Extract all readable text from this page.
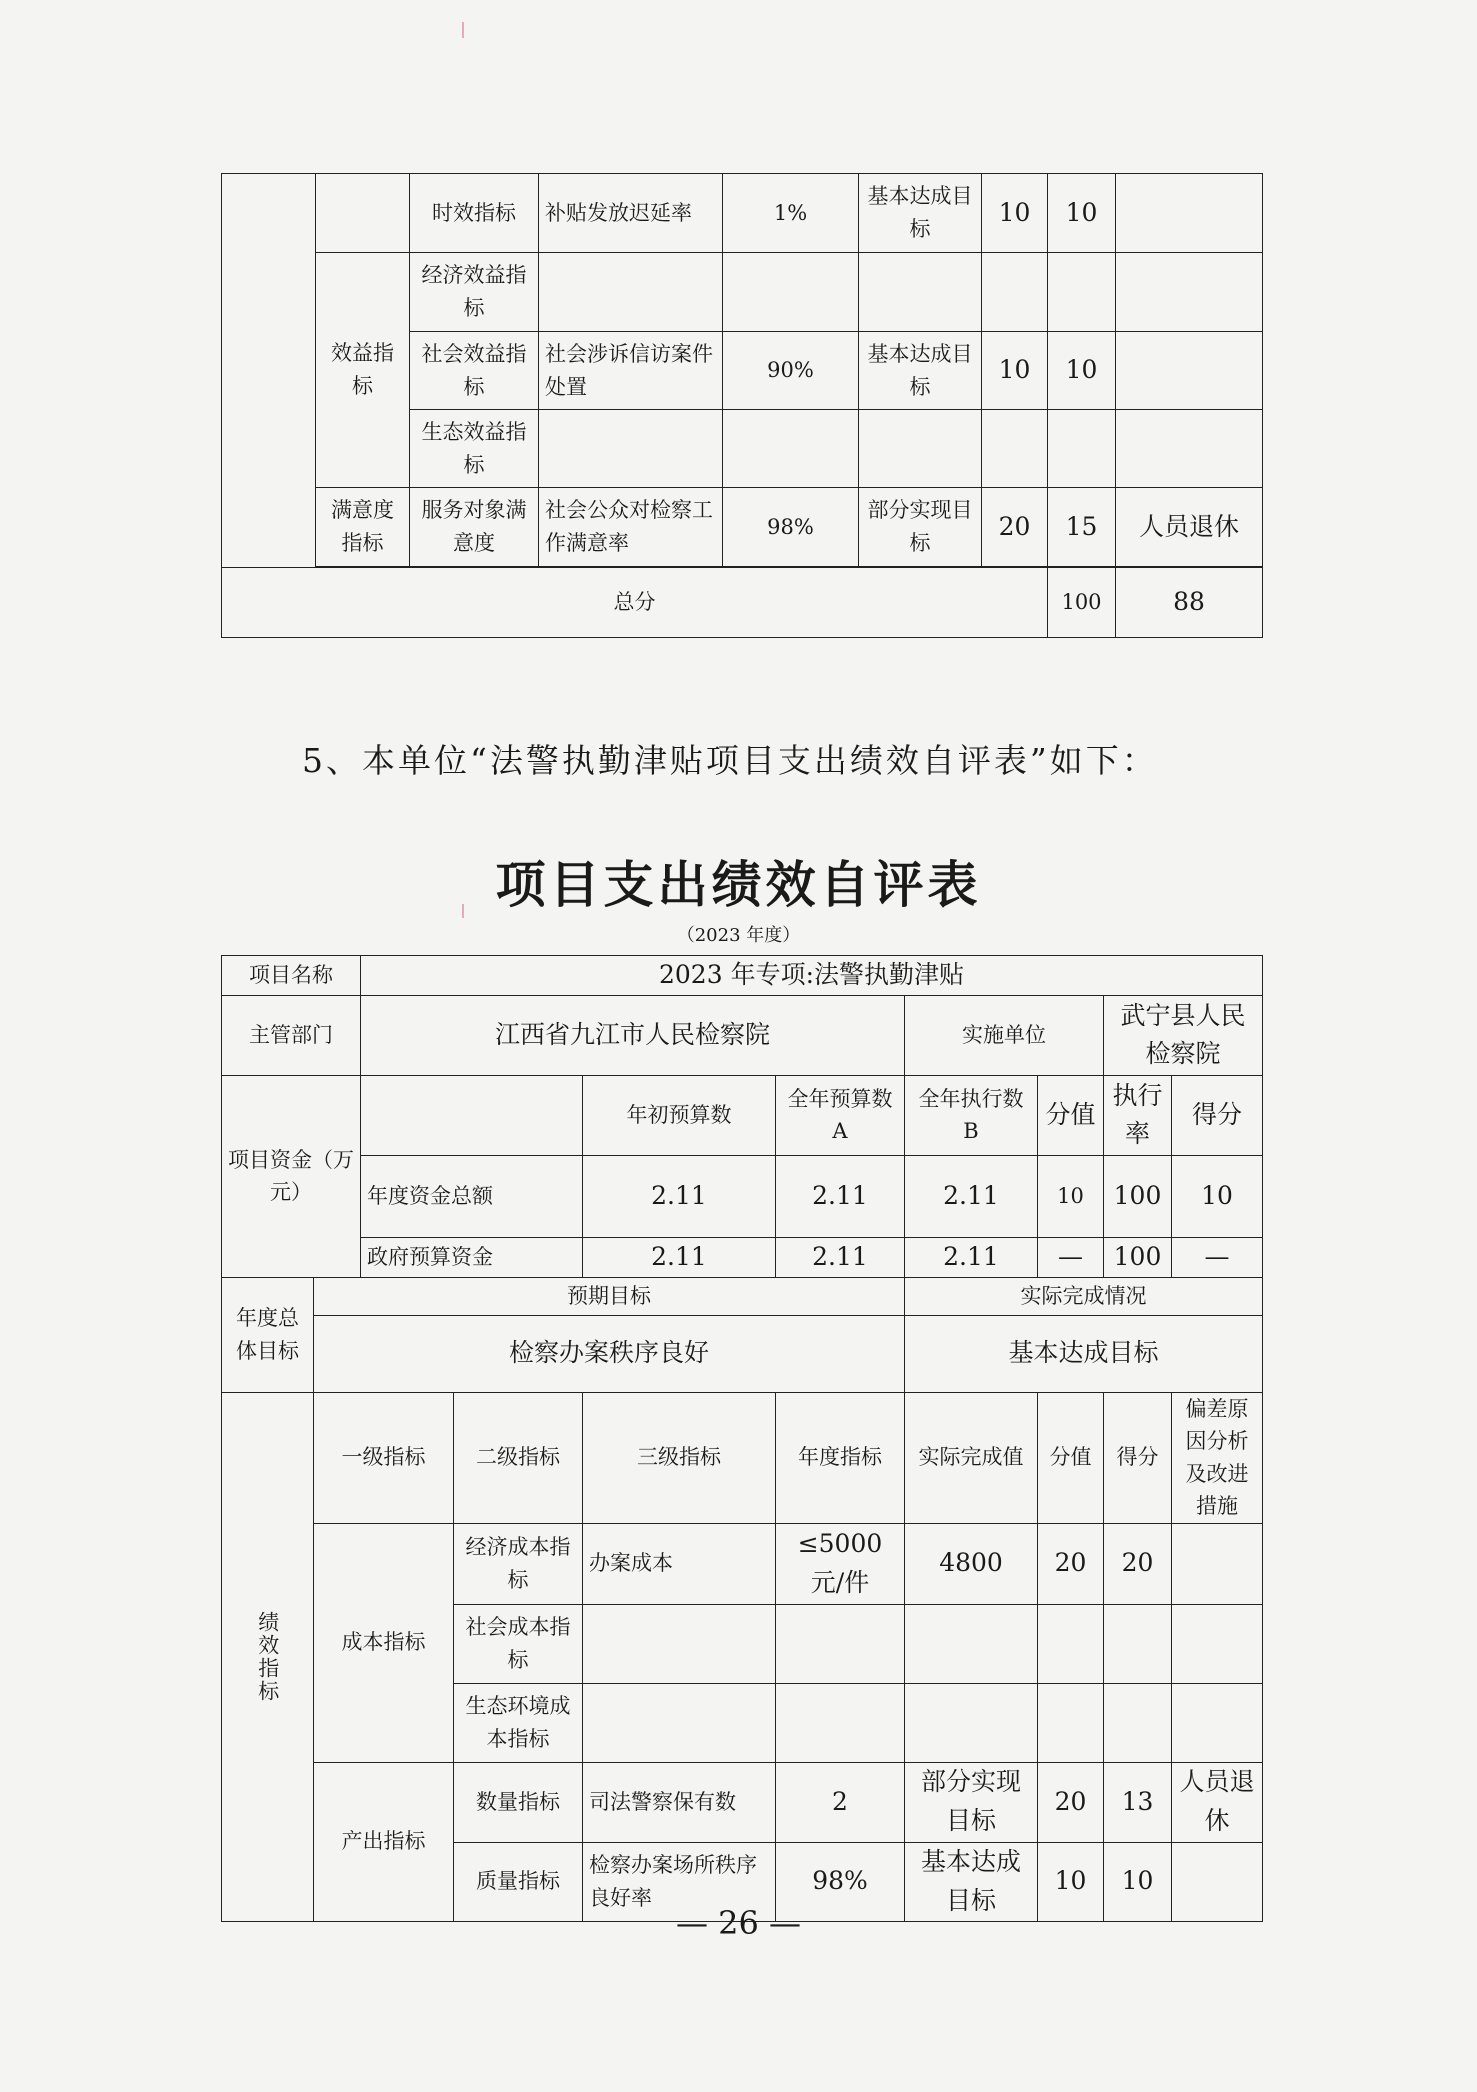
		时效指标	补贴发放迟延率	1%	基本达成目标	10	10		
	效益指标	经济效益指标							
		社会效益指标	社会涉诉信访案件处置	90%	基本达成目标	10	10		
		生态效益指标							
	满意度指标	服务对象满意度	社会公众对检察工作满意率	98%	部分实现目标	20	15	人员退休	

总分							100	88	
5、本单位“法警执勤津贴项目支出绩效自评表”如下：
项目支出绩效自评表
（2023 年度）
项目名称		2023 年专项:法警执勤津贴							
主管部门		江西省九江市人民检察院				实施单位		武宁县人民检察院	
项目资金（万元）				年初预算数	全年预算数 A	全年执行数 B	分值	执行率	得分
		年度资金总额		2.11	2.11	2.11	10	100	10
		政府预算资金		2.11	2.11	2.11	—	100	—
年度总体目标	预期目标					实际完成情况			
	检察办案秩序良好					基本达成目标			

绩效指标	一级指标		二级指标	三级指标	年度指标	实际完成值	分值	得分	偏差原因分析及改进措施
	成本指标		经济成本指标	办案成本	≤5000元/件	4800	20	20	
			社会成本指标						
			生态环境成本指标						
	产出指标		数量指标	司法警察保有数	2	部分实现目标	20	13	人员退休
			质量指标	检察办案场所秩序良好率	98%	基本达成目标	10	10	
— 26 —
